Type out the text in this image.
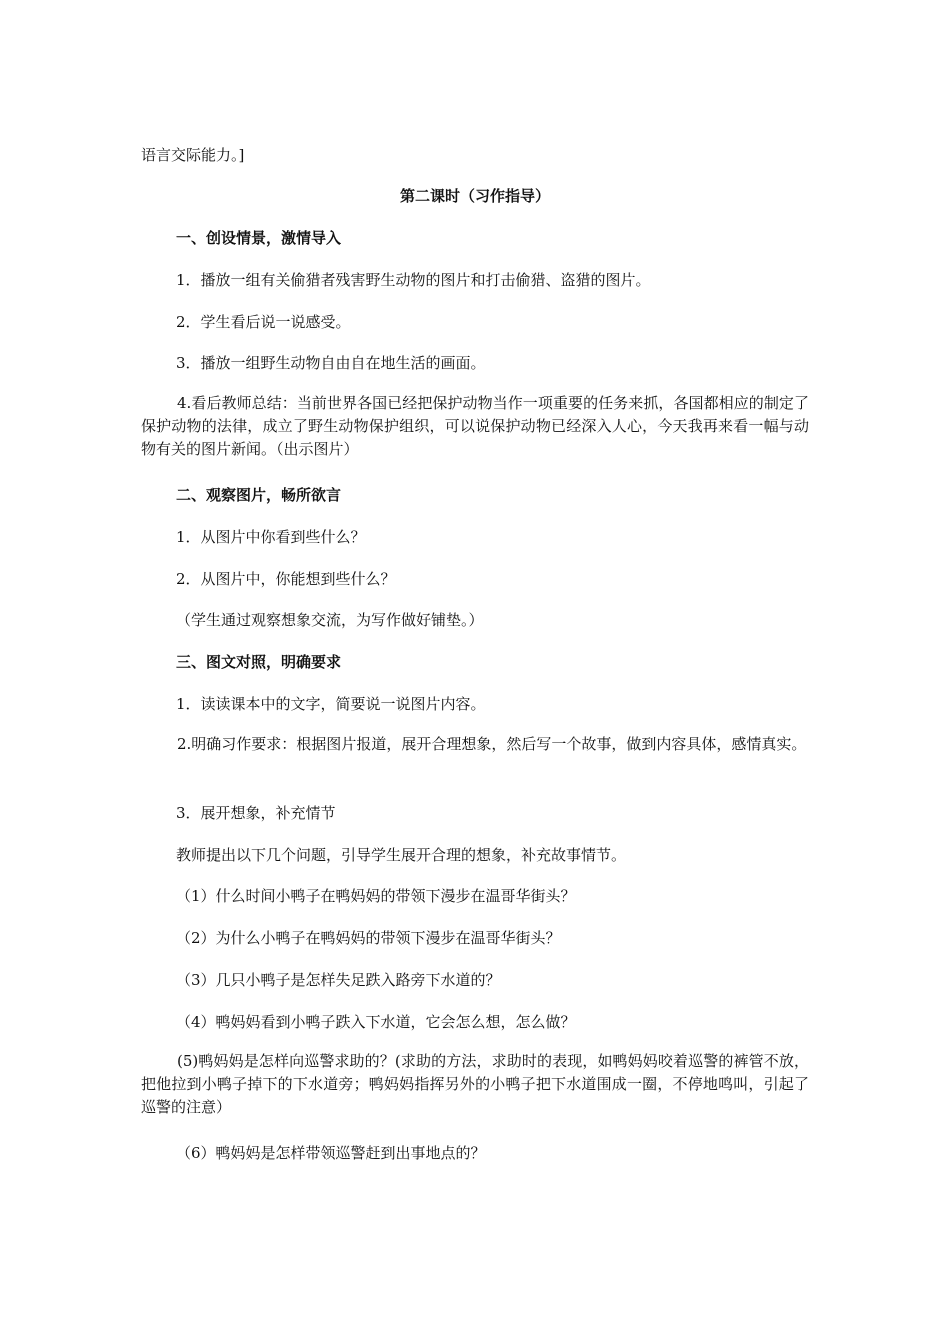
语言交际能力。]
第二课时（习作指导）
一、创设情景，激情导入
1．播放一组有关偷猎者残害野生动物的图片和打击偷猎、盗猎的图片。
2．学生看后说一说感受。
3．播放一组野生动物自由自在地生活的画面。
4.看后教师总结：当前世界各国已经把保护动物当作一项重要的任务来抓，各国都相应的制定了保护动物的法律，成立了野生动物保护组织，可以说保护动物已经深入人心，今天我再来看一幅与动物有关的图片新闻。（出示图片）
二、观察图片，畅所欲言
1．从图片中你看到些什么？
2．从图片中，你能想到些什么？
（学生通过观察想象交流，为写作做好铺垫。）
三、图文对照，明确要求
1．读读课本中的文字，简要说一说图片内容。
2.明确习作要求：根据图片报道，展开合理想象，然后写一个故事，做到内容具体，感情真实。
3．展开想象，补充情节
教师提出以下几个问题，引导学生展开合理的想象，补充故事情节。
（1）什么时间小鸭子在鸭妈妈的带领下漫步在温哥华街头？
（2）为什么小鸭子在鸭妈妈的带领下漫步在温哥华街头？
（3）几只小鸭子是怎样失足跌入路旁下水道的？
（4）鸭妈妈看到小鸭子跌入下水道，它会怎么想，怎么做？
(5)鸭妈妈是怎样向巡警求助的？(求助的方法，求助时的表现，如鸭妈妈咬着巡警的裤管不放，把他拉到小鸭子掉下的下水道旁；鸭妈妈指挥另外的小鸭子把下水道围成一圈，不停地鸣叫，引起了巡警的注意）
（6）鸭妈妈是怎样带领巡警赶到出事地点的？
